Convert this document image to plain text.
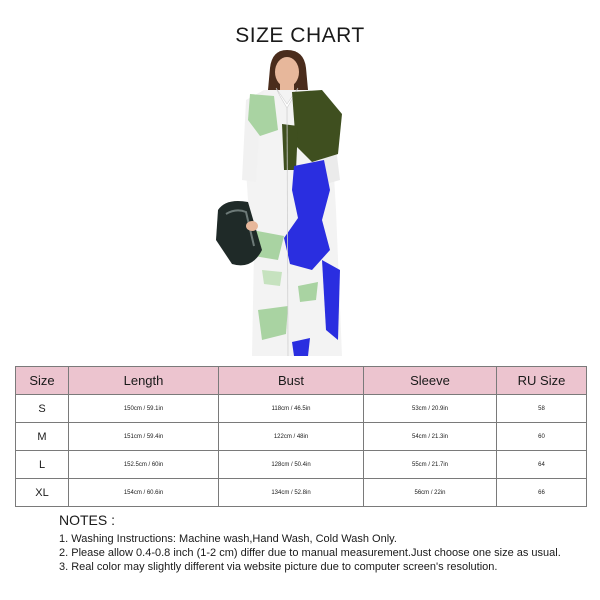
SIZE CHART
Size	Length	Bust	Sleeve	RU Size
S	150cm / 59.1in	118cm / 46.5in	53cm / 20.9in	58
M	151cm / 59.4in	122cm / 48in	54cm / 21.3in	60
L	152.5cm / 60in	128cm / 50.4in	55cm / 21.7in	64
XL	154cm / 60.6in	134cm / 52.8in	56cm / 22in	66
NOTES :
1. Washing Instructions: Machine wash,Hand Wash, Cold Wash Only.
2. Please allow 0.4-0.8 inch (1-2 cm) differ due to manual measurement.Just choose one size as usual.
3. Real color may slightly different via website picture due to computer screen's resolution.
